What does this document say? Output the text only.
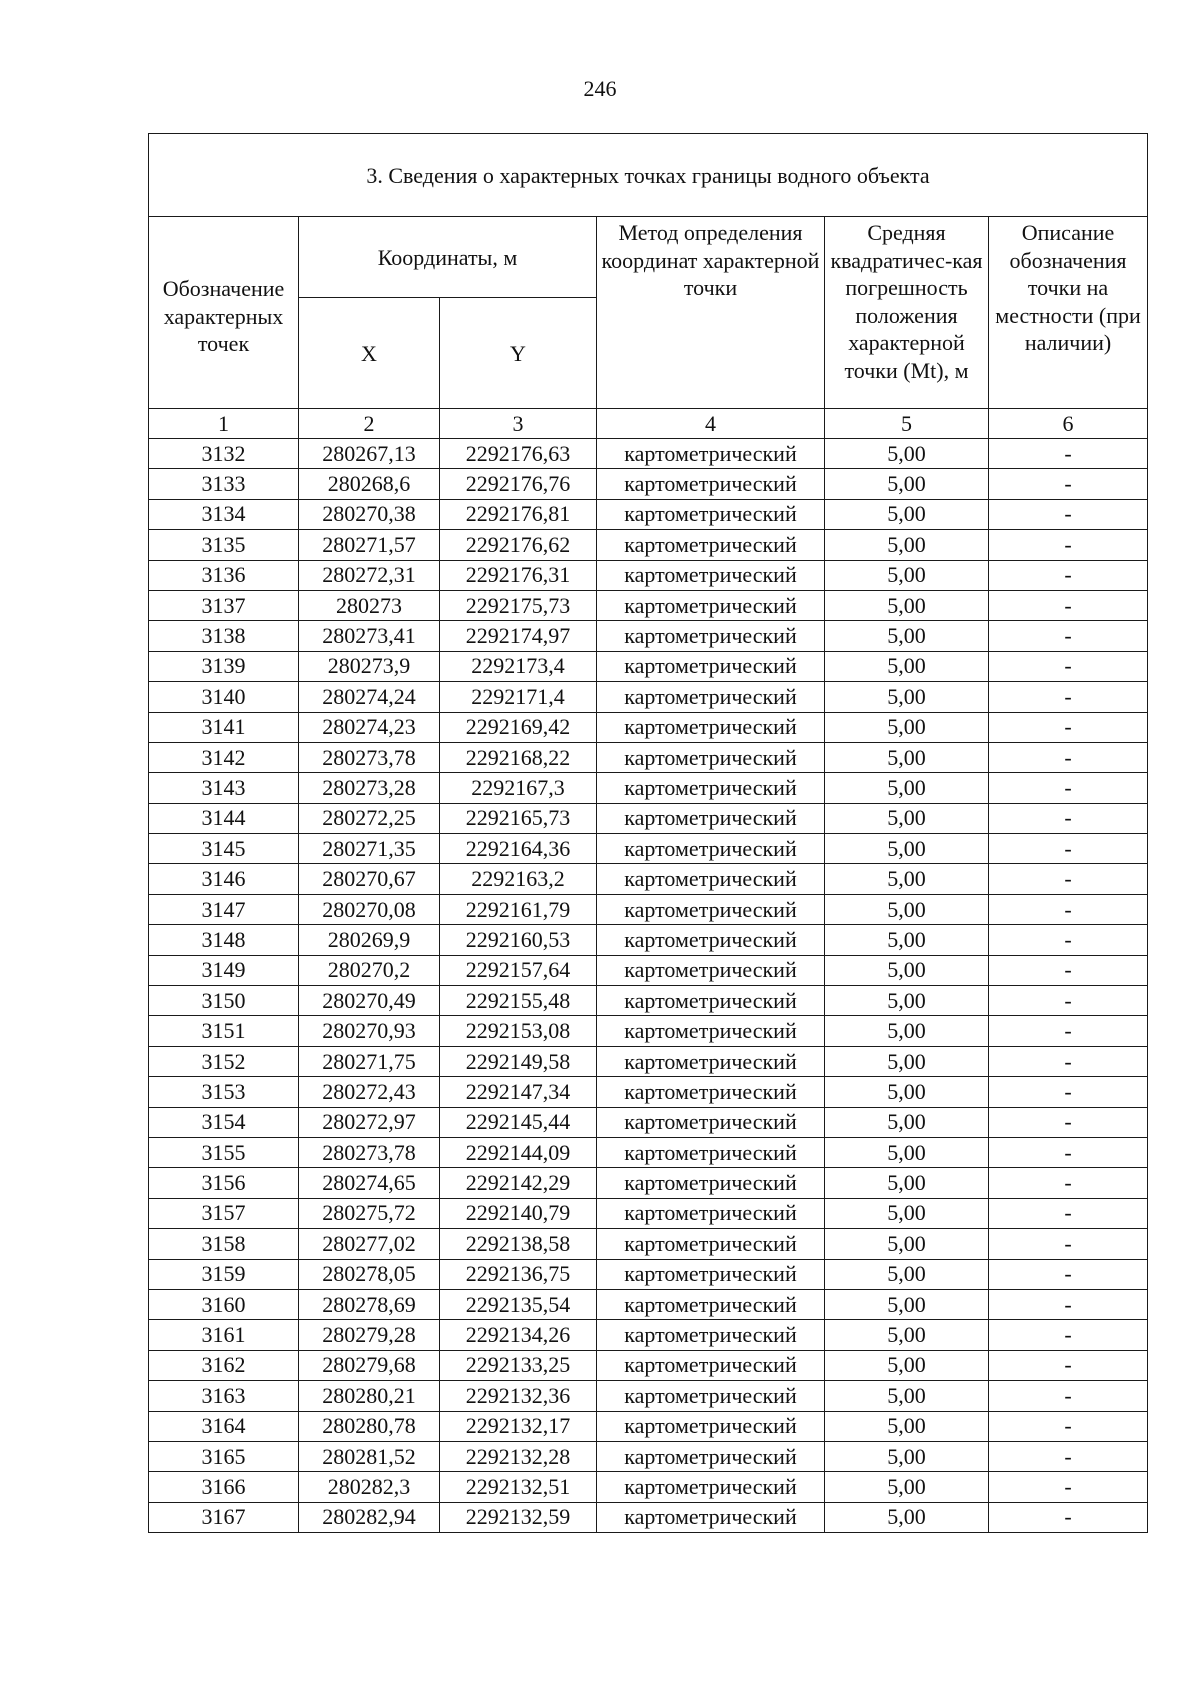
246
3. Сведения о характерных точках границы водного объекта					
Обозначение характерных точек	Координаты, м		Метод определения координат характерной точки	Средняя квадратичес-кая погрешность положения характерной точки (Mt), м	Описание обозначения точки на местности (при наличии)
	X	Y			
1	2	3	4	5	6
3132	280267,13	2292176,63	картометрический	5,00	-
3133	280268,6	2292176,76	картометрический	5,00	-
3134	280270,38	2292176,81	картометрический	5,00	-
3135	280271,57	2292176,62	картометрический	5,00	-
3136	280272,31	2292176,31	картометрический	5,00	-
3137	280273	2292175,73	картометрический	5,00	-
3138	280273,41	2292174,97	картометрический	5,00	-
3139	280273,9	2292173,4	картометрический	5,00	-
3140	280274,24	2292171,4	картометрический	5,00	-
3141	280274,23	2292169,42	картометрический	5,00	-
3142	280273,78	2292168,22	картометрический	5,00	-
3143	280273,28	2292167,3	картометрический	5,00	-
3144	280272,25	2292165,73	картометрический	5,00	-
3145	280271,35	2292164,36	картометрический	5,00	-
3146	280270,67	2292163,2	картометрический	5,00	-
3147	280270,08	2292161,79	картометрический	5,00	-
3148	280269,9	2292160,53	картометрический	5,00	-
3149	280270,2	2292157,64	картометрический	5,00	-
3150	280270,49	2292155,48	картометрический	5,00	-
3151	280270,93	2292153,08	картометрический	5,00	-
3152	280271,75	2292149,58	картометрический	5,00	-
3153	280272,43	2292147,34	картометрический	5,00	-
3154	280272,97	2292145,44	картометрический	5,00	-
3155	280273,78	2292144,09	картометрический	5,00	-
3156	280274,65	2292142,29	картометрический	5,00	-
3157	280275,72	2292140,79	картометрический	5,00	-
3158	280277,02	2292138,58	картометрический	5,00	-
3159	280278,05	2292136,75	картометрический	5,00	-
3160	280278,69	2292135,54	картометрический	5,00	-
3161	280279,28	2292134,26	картометрический	5,00	-
3162	280279,68	2292133,25	картометрический	5,00	-
3163	280280,21	2292132,36	картометрический	5,00	-
3164	280280,78	2292132,17	картометрический	5,00	-
3165	280281,52	2292132,28	картометрический	5,00	-
3166	280282,3	2292132,51	картометрический	5,00	-
3167	280282,94	2292132,59	картометрический	5,00	-
